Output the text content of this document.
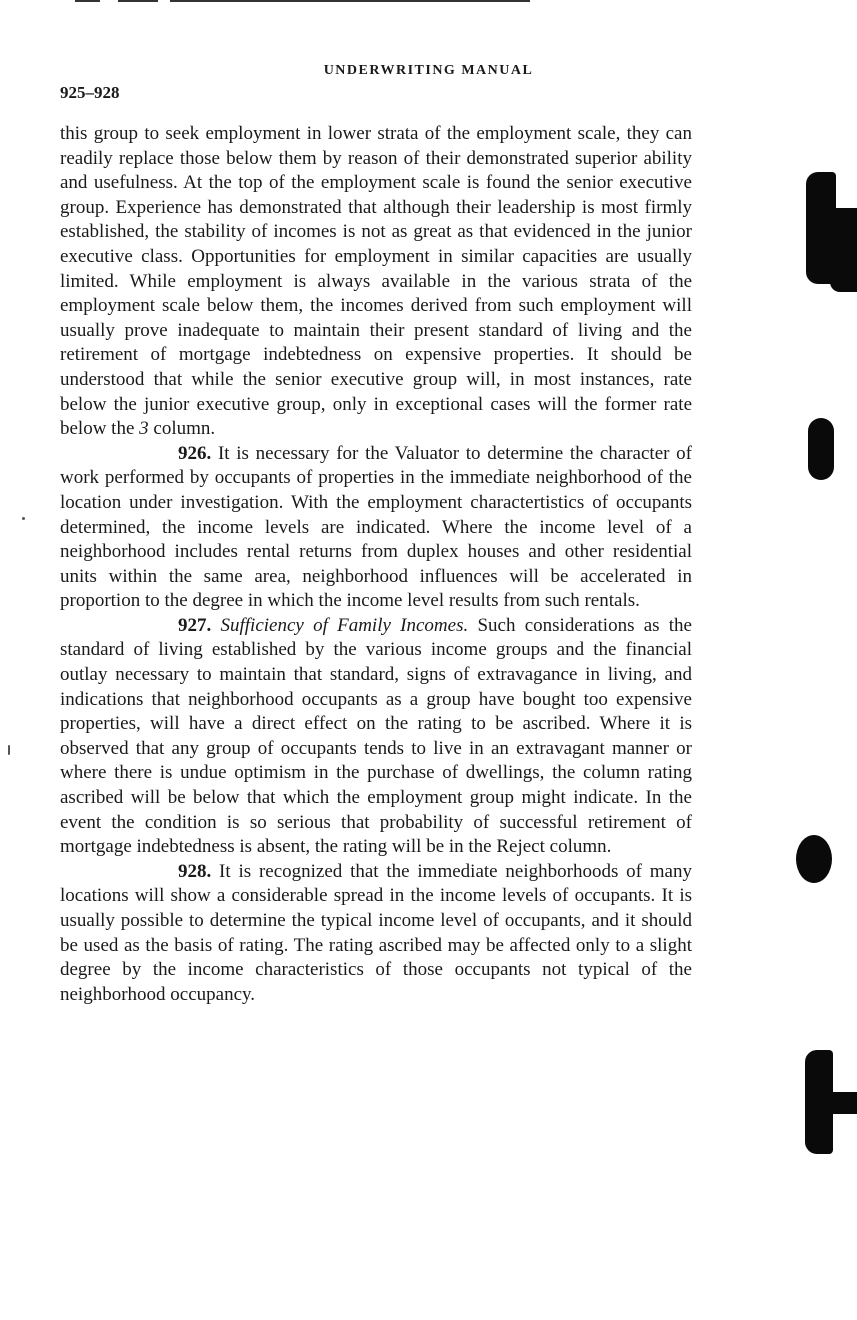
UNDERWRITING MANUAL
925–928

this group to seek employment in lower strata of the employment scale, they can readily replace those below them by reason of their demonstrated superior ability and usefulness. At the top of the employment scale is found the senior executive group. Experience has demonstrated that although their leadership is most firmly established, the stability of incomes is not as great as that evidenced in the junior executive class. Opportunities for employment in similar capacities are usually limited. While employment is always available in the various strata of the employment scale below them, the incomes derived from such employment will usually prove inadequate to maintain their present standard of living and the retirement of mortgage indebtedness on expensive properties. It should be understood that while the senior executive group will, in most instances, rate below the junior executive group, only in exceptional cases will the former rate below the 3 column.

926. It is necessary for the Valuator to determine the character of work performed by occupants of properties in the immediate neighborhood of the location under investigation. With the employment charactertistics of occupants determined, the income levels are indicated. Where the income level of a neighborhood includes rental returns from duplex houses and other residential units within the same area, neighborhood influences will be accelerated in proportion to the degree in which the income level results from such rentals.

927. Sufficiency of Family Incomes. Such considerations as the standard of living established by the various income groups and the financial outlay necessary to maintain that standard, signs of extravagance in living, and indications that neighborhood occupants as a group have bought too expensive properties, will have a direct effect on the rating to be ascribed. Where it is observed that any group of occupants tends to live in an extravagant manner or where there is undue optimism in the purchase of dwellings, the column rating ascribed will be below that which the employment group might indicate. In the event the condition is so serious that probability of successful retirement of mortgage indebtedness is absent, the rating will be in the Reject column.

928. It is recognized that the immediate neighborhoods of many locations will show a considerable spread in the income levels of occupants. It is usually possible to determine the typical income level of occupants, and it should be used as the basis of rating. The rating ascribed may be affected only to a slight degree by the income characteristics of those occupants not typical of the neighborhood occupancy.
